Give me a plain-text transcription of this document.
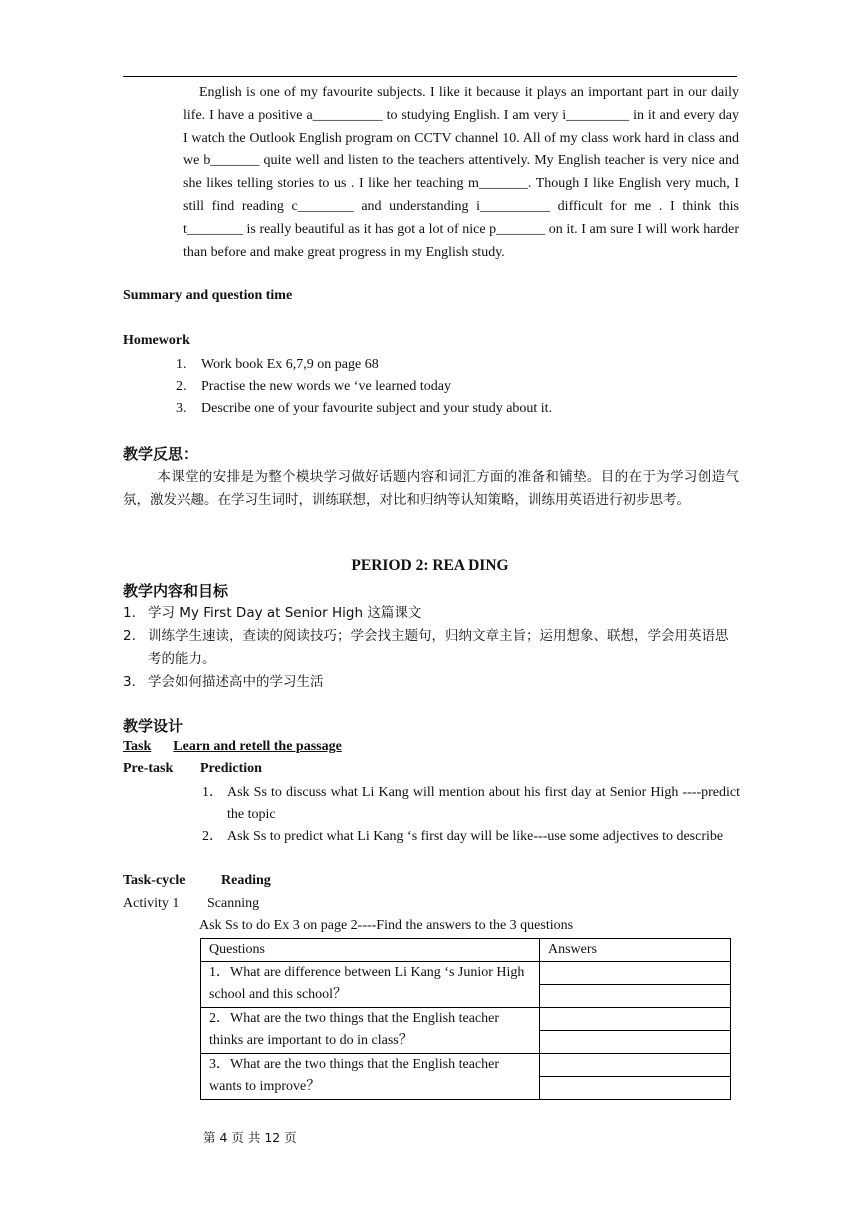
English is one of my favourite subjects. I like it because it plays an important part in our daily life. I have a positive a__________ to studying English. I am very i_________ in it and every day I watch the Outlook English program on CCTV channel 10. All of my class work hard in class and we b_______ quite well and listen to the teachers attentively. My English teacher is very nice and she likes telling stories to us . I like her teaching m_______. Though I like English very much, I still find reading c________ and understanding i__________ difficult for me . I think this t________ is really beautiful as it has got a lot of nice p_______ on it. I am sure I will work harder than before and make great progress in my English study.
Summary and question time
Homework
1. Work book Ex 6,7,9 on page 68
2. Practise the new words we ‘ve learned today
3. Describe one of your favourite subject and your study about it.
教学反思：
本课堂的安排是为整个模块学习做好话题内容和词汇方面的准备和铺垫。目的在于为学习创造气氛，激发兴趣。在学习生词时，训练联想，对比和归纳等认知策略，训练用英语进行初步思考。
PERIOD 2: REA DING
教学内容和目标
1． 学习 My First Day at Senior High 这篇课文
2． 训练学生速读，查读的阅读技巧；学会找主题句，归纳文章主旨；运用想象、联想，学会用英语思考的能力。
3． 学会如何描述高中的学习生活
教学设计
Task Learn and retell the passage
Pre-task Prediction
1． Ask Ss to discuss what Li Kang will mention about his first day at Senior High ----predict the topic
2． Ask Ss to predict what Li Kang ‘s first day will be like---use some adjectives to describe
Task-cycle	Reading
Activity 1 Scanning
Ask Ss to do Ex 3 on page 2----Find the answers to the 3 questions
Questions	Answers
1．What are difference between Li Kang ‘s Junior High school and this school？	

2．What are the two things that the English teacher thinks are important to do in class？	

3．What are the two things that the English teacher wants to improve？	

第 4 页 共 12 页
